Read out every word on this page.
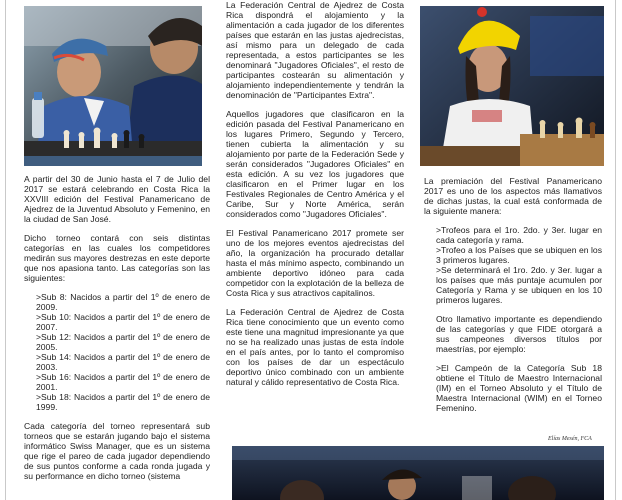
A partir del 30 de Junio hasta el 7 de Julio del 2017 se estará celebrando en Costa Rica la XXVIII edición del Festival Panamericano de Ajedrez de la Juventud Absoluto y Femenino, en la ciudad de San José.

Dicho torneo contará con seis distintas categorías en las cuales los competidores medirán sus mayores destrezas en este deporte que nos apasiona tanto. Las categorías son las siguientes:

>Sub 8: Nacidos a partir del 1º de enero de 2009.

>Sub 10: Nacidos a partir del 1º de enero de 2007.

>Sub 12: Nacidos a partir del 1º de enero de 2005.

>Sub 14: Nacidos a partir del 1º de enero de 2003.

>Sub 16: Nacidos a partir del 1º de enero de 2001.

>Sub 18: Nacidos a partir del 1º de enero de 1999.

Cada categoría del torneo representará sub torneos que se estarán jugando bajo el sistema informático Swiss Manager, que es un sistema que rige el pareo de cada jugador dependiendo de sus puntos conforme a cada ronda jugada y su performance en dicho torneo (sistema

La Federación Central de Ajedrez de Costa Rica dispondrá el alojamiento y la alimentación a cada jugador de los diferentes países que estarán en las justas ajedrecistas, así mismo para un delegado de cada representada, a estos participantes se les denominará "Jugadores Oficiales", el resto de participantes costearán su alimentación y alojamiento independientemente y tendrán la denominación de "Participantes Extra".

Aquellos jugadores que clasificaron en la edición pasada del Festival Panamericano en los lugares Primero, Segundo y Tercero, tienen cubierta la alimentación y su alojamiento por parte de la Federación Sede y serán considerados "Jugadores Oficiales" en esta edición. A su vez los jugadores que clasificaron en el Primer lugar en los Festivales Regionales de Centro América y el Caribe, Sur y Norte América, serán considerados como "Jugadores Oficiales".

El Festival Panamericano 2017 promete ser uno de los mejores eventos ajedrecistas del año, la organización ha procurado detallar hasta el más mínimo aspecto, combinando un ambiente deportivo idóneo para cada competidor con la explotación de la belleza de Costa Rica y sus atractivos capitalinos.

La Federación Central de Ajedrez de Costa Rica tiene conocimiento que un evento como este tiene una magnitud impresionante ya que no se ha realizado unas justas de esta índole en el país antes, por lo tanto el compromiso con los países de dar un espectáculo deportivo único combinado con un ambiente natural y cálido representativo de Costa Rica.

La premiación del Festival Panamericano 2017 es uno de los aspectos más llamativos de dichas justas, la cual está conformada de la siguiente manera:

>Trofeos para el 1ro. 2do. y 3er. lugar en cada categoría y rama.

>Trofeo a los Países que se ubiquen en los 3 primeros lugares.

>Se determinará el 1ro. 2do. y 3er. lugar a los países que más puntaje acumulen por Categoría y Rama y se ubiquen en los 10 primeros lugares.

Otro llamativo importante es dependiendo de las categorías y que FIDE otorgará a sus campeones diversos títulos por maestrías, por ejemplo:

>El Campeón de la Categoría Sub 18 obtiene el Título de Maestro Internacional (IM) en el Torneo Absoluto y el Título de Maestra Internacional (WIM) en el Torneo Femenino.

Elías Mesén, FCA
